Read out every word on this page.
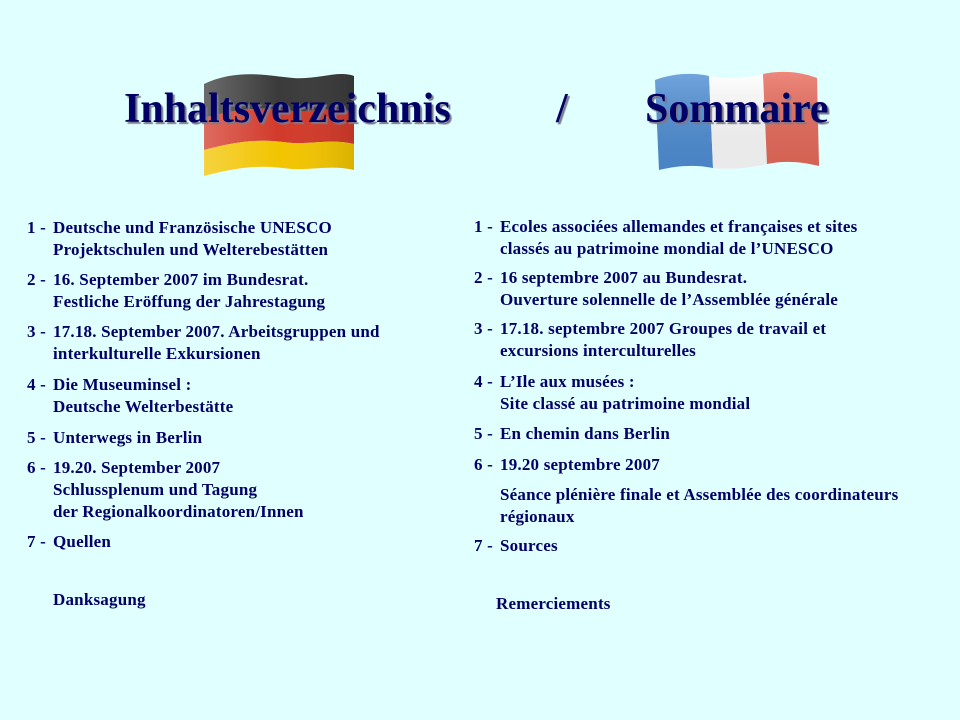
Inhaltsverzeichnis	/ Sommaire
1 - Deutsche und Französische UNESCO
Projektschulen und Welterebestätten
2 - 16. September 2007 im Bundesrat.
Festliche Eröffung der Jahrestagung
3 - 17.18. September 2007. Arbeitsgruppen und
interkulturelle Exkursionen
4 - Die Museuminsel :
Deutsche Welterbestätte
5 - Unterwegs in Berlin
6 - 19.20. September 2007
Schlussplenum und Tagung
der Regionalkoordinatoren/Innen
7 - Quellen
Danksagung
1 - Ecoles associées allemandes et françaises et sites
classés au patrimoine mondial de l’UNESCO
2 - 16 septembre 2007 au Bundesrat.
Ouverture solennelle de l’Assemblée générale
3 - 17.18. septembre 2007 Groupes de travail et
excursions interculturelles
4 - L’Ile aux musées :
Site classé au patrimoine mondial
5 - En chemin dans Berlin
6 - 19.20 septembre 2007
Séance plénière finale et Assemblée des coordinateurs régionaux
7 - Sources
Remerciements
